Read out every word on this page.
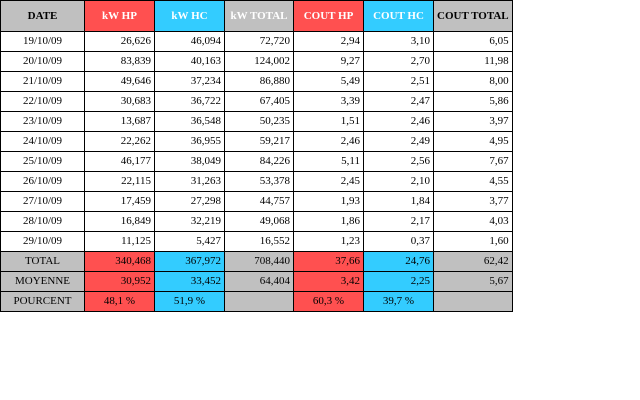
DATE	kW HP	kW HC	kW TOTAL	COUT HP	COUT HC	COUT TOTAL
19/10/09	26,626	46,094	72,720	2,94	3,10	6,05
20/10/09	83,839	40,163	124,002	9,27	2,70	11,98
21/10/09	49,646	37,234	86,880	5,49	2,51	8,00
22/10/09	30,683	36,722	67,405	3,39	2,47	5,86
23/10/09	13,687	36,548	50,235	1,51	2,46	3,97
24/10/09	22,262	36,955	59,217	2,46	2,49	4,95
25/10/09	46,177	38,049	84,226	5,11	2,56	7,67
26/10/09	22,115	31,263	53,378	2,45	2,10	4,55
27/10/09	17,459	27,298	44,757	1,93	1,84	3,77
28/10/09	16,849	32,219	49,068	1,86	2,17	4,03
29/10/09	11,125	5,427	16,552	1,23	0,37	1,60
TOTAL	340,468	367,972	708,440	37,66	24,76	62,42
MOYENNE	30,952	33,452	64,404	3,42	2,25	5,67
POURCENT	48,1 %	51,9 %		60,3 %	39,7 %	
